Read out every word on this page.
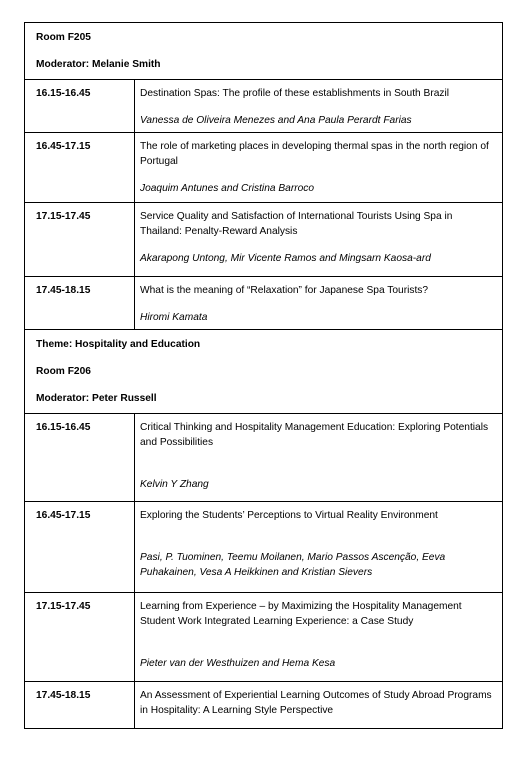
Room F205
Moderator: Melanie Smith	

16.15-16.45	Destination Spas: The profile of these establishments in South Brazil
Vanessa de Oliveira Menezes and Ana Paula Perardt Farias

16.45-17.15	The role of marketing places in developing thermal spas in the north region of Portugal
Joaquim Antunes and Cristina Barroco

17.15-17.45	Service Quality and Satisfaction of International Tourists Using Spa in Thailand: Penalty-Reward Analysis
Akarapong Untong, Mir Vicente Ramos and Mingsarn Kaosa-ard

17.45-18.15	What is the meaning of “Relaxation” for Japanese Spa Tourists?
Hiromi Kamata

Theme: Hospitality and Education
Room F206
Moderator: Peter Russell	

16.15-16.45	Critical Thinking and Hospitality Management Education: Exploring Potentials and Possibilities
Kelvin Y Zhang

16.45-17.15	Exploring the Students’ Perceptions to Virtual Reality Environment
Pasi, P. Tuominen, Teemu Moilanen, Mario Passos Ascenção, Eeva Puhakainen, Vesa A Heikkinen and Kristian Sievers

17.15-17.45	Learning from Experience – by Maximizing the Hospitality Management Student Work Integrated Learning Experience: a Case Study
Pieter van der Westhuizen and Hema Kesa

17.45-18.15	An Assessment of Experiential Learning Outcomes of Study Abroad Programs in Hospitality: A Learning Style Perspective
